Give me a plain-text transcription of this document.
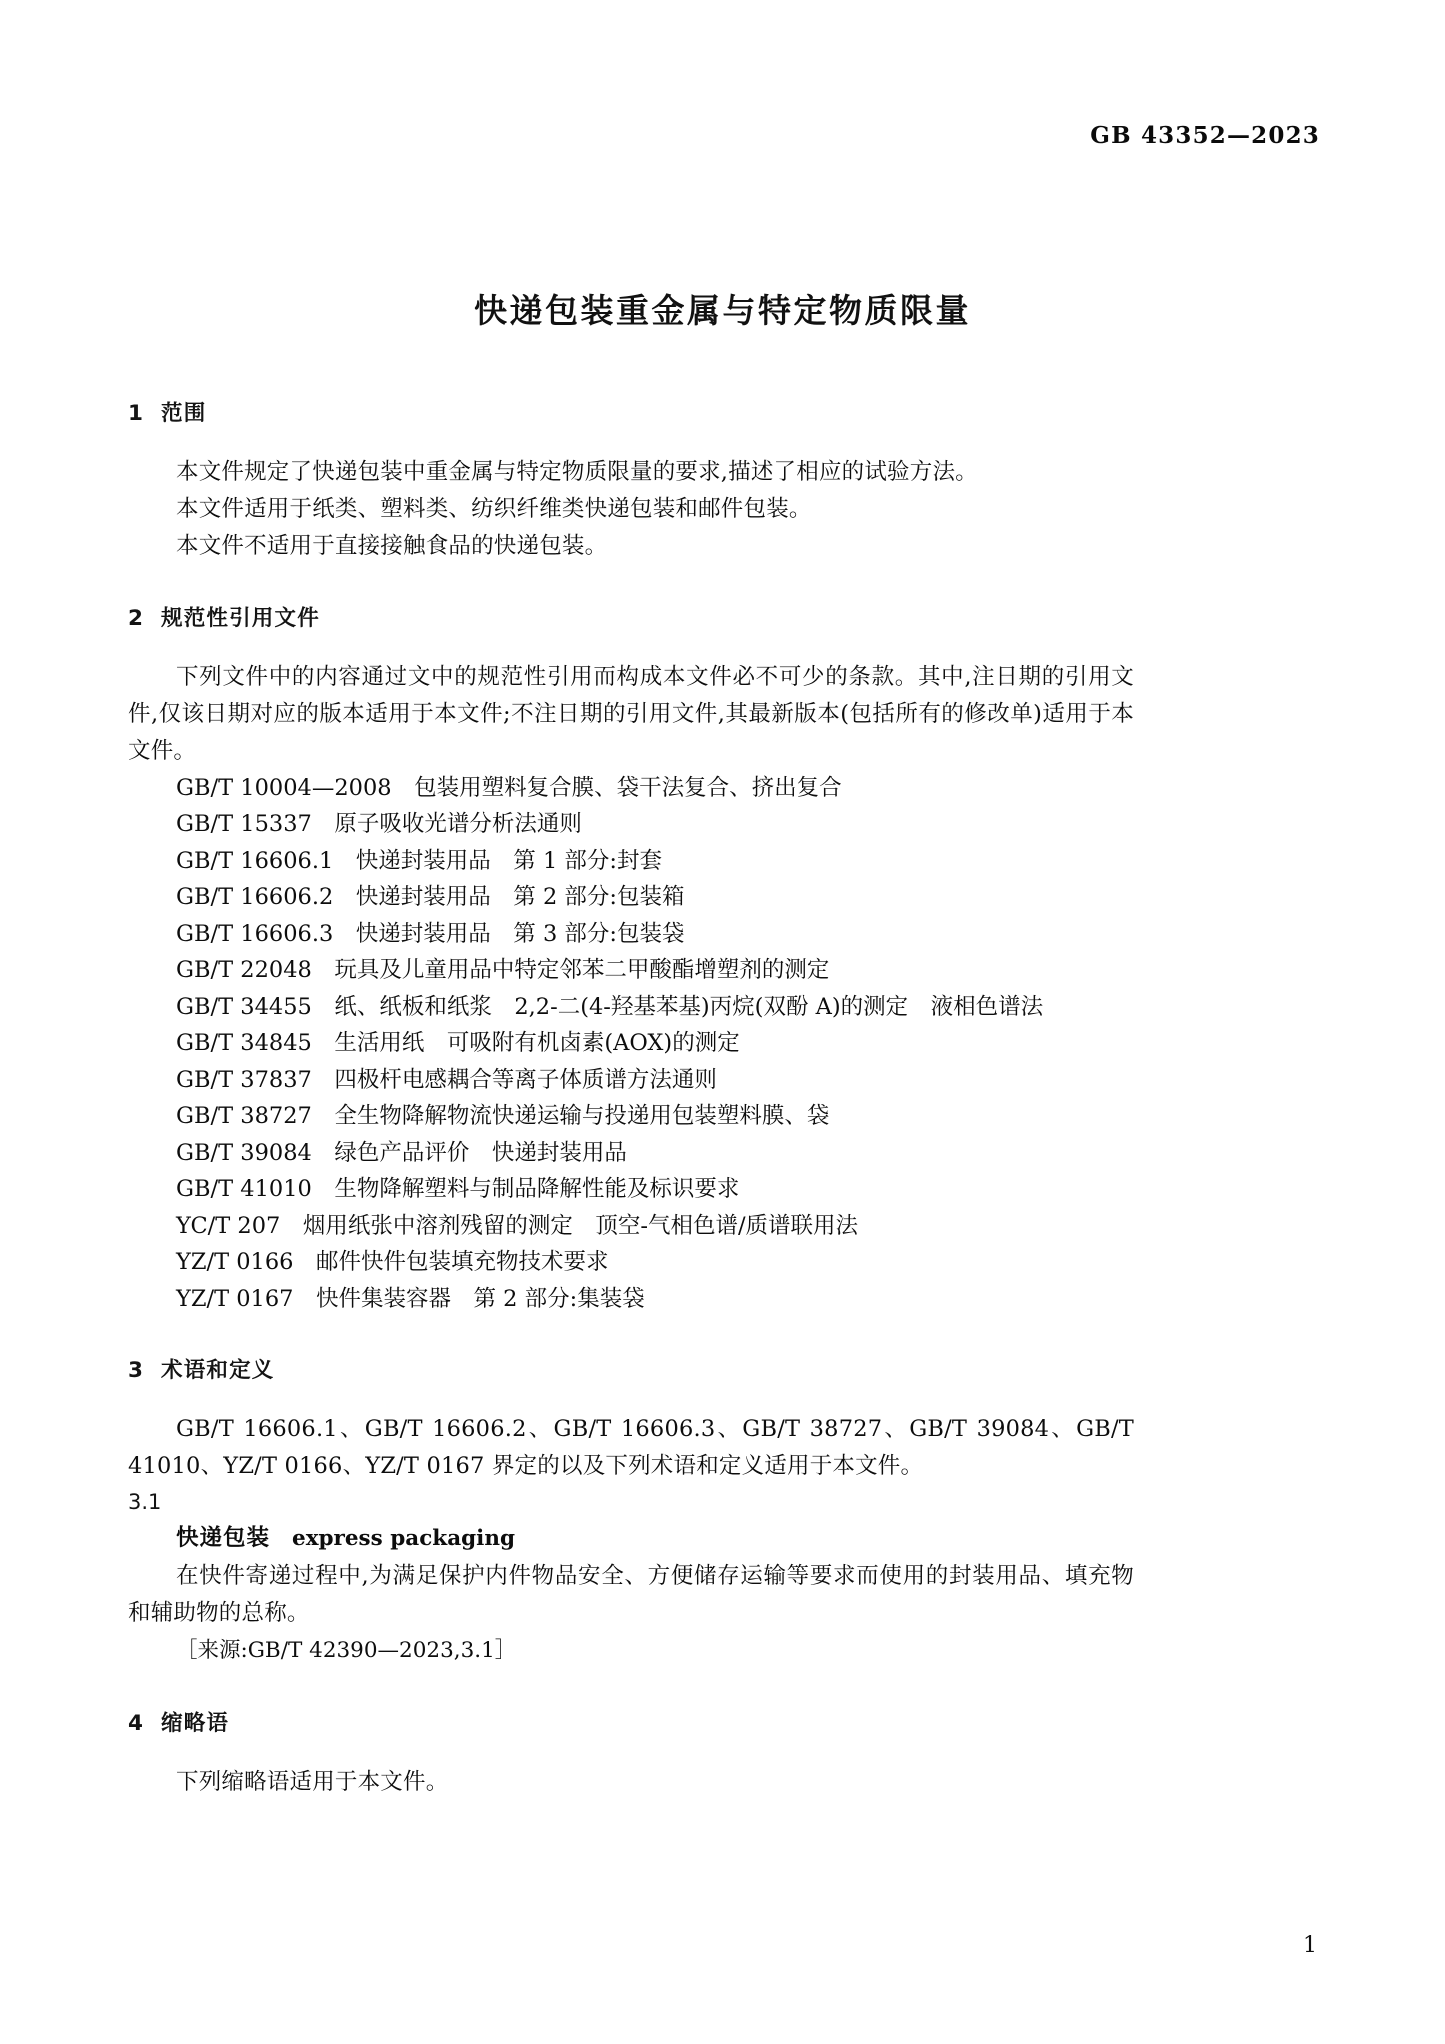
GB 43352—2023
快递包装重金属与特定物质限量
1 范围

本文件规定了快递包装中重金属与特定物质限量的要求,描述了相应的试验方法。

本文件适用于纸类、塑料类、纺织纤维类快递包装和邮件包装。

本文件不适用于直接接触食品的快递包装。

2 规范性引用文件

下列文件中的内容通过文中的规范性引用而构成本文件必不可少的条款。其中,注日期的引用文件,仅该日期对应的版本适用于本文件;不注日期的引用文件,其最新版本(包括所有的修改单)适用于本文件。

GB/T 10004—2008　包装用塑料复合膜、袋干法复合、挤出复合
GB/T 15337　原子吸收光谱分析法通则
GB/T 16606.1　快递封装用品　第 1 部分:封套
GB/T 16606.2　快递封装用品　第 2 部分:包装箱
GB/T 16606.3　快递封装用品　第 3 部分:包装袋
GB/T 22048　玩具及儿童用品中特定邻苯二甲酸酯增塑剂的测定
GB/T 34455　纸、纸板和纸浆　2,2-二(4-羟基苯基)丙烷(双酚 A)的测定　液相色谱法
GB/T 34845　生活用纸　可吸附有机卤素(AOX)的测定
GB/T 37837　四极杆电感耦合等离子体质谱方法通则
GB/T 38727　全生物降解物流快递运输与投递用包装塑料膜、袋
GB/T 39084　绿色产品评价　快递封装用品
GB/T 41010　生物降解塑料与制品降解性能及标识要求
YC/T 207　烟用纸张中溶剂残留的测定　顶空-气相色谱/质谱联用法
YZ/T 0166　邮件快件包装填充物技术要求
YZ/T 0167　快件集装容器　第 2 部分:集装袋
3 术语和定义

GB/T 16606.1、GB/T 16606.2、GB/T 16606.3、GB/T 38727、GB/T 39084、GB/T 41010、YZ/T 0166、YZ/T 0167 界定的以及下列术语和定义适用于本文件。

3.1
快递包装 express packaging

在快件寄递过程中,为满足保护内件物品安全、方便储存运输等要求而使用的封装用品、填充物和辅助物的总称。

［来源:GB/T 42390—2023,3.1］
4 缩略语

下列缩略语适用于本文件。

1
